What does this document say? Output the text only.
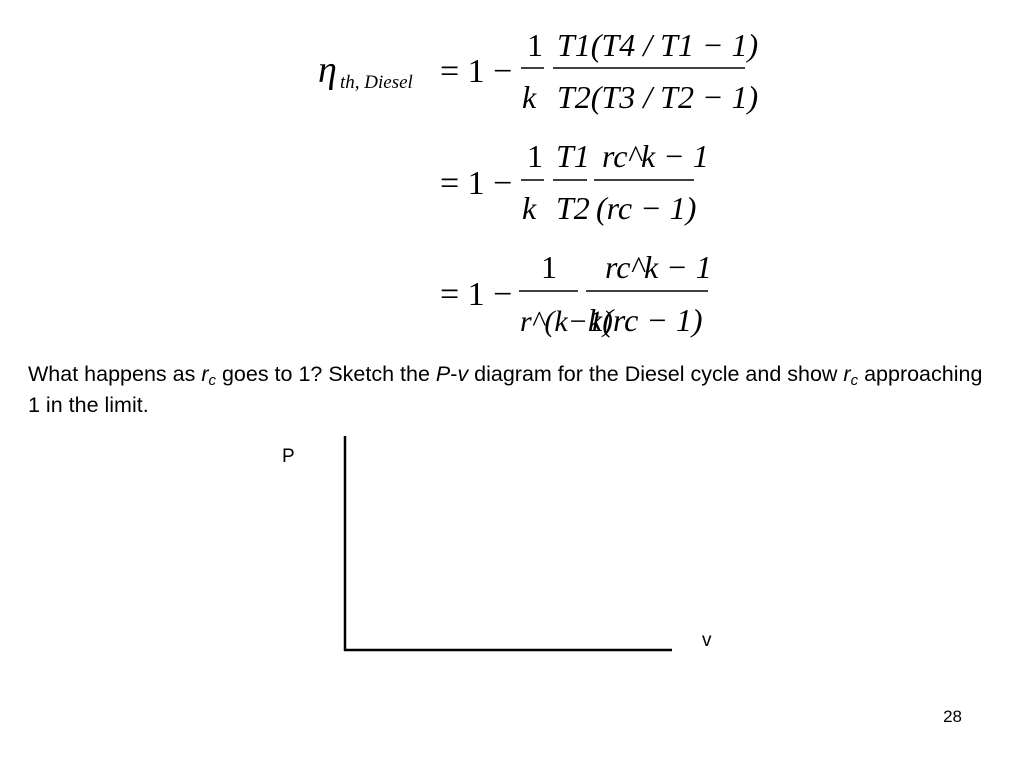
η th, Diesel = 1 −
1
k
T1(T4 / T1 − 1)
T2(T3 / T2 − 1)
= 1 −
1
k
T1
T2
rc^k − 1
(rc − 1)
= 1 −
1
r^(k−1)
rc^k − 1
k(rc − 1)
What happens as $r_c$ goes to 1? Sketch the P-v diagram for the Diesel cycle and show $r_c$ approaching 1 in the limit.
P
v
28
